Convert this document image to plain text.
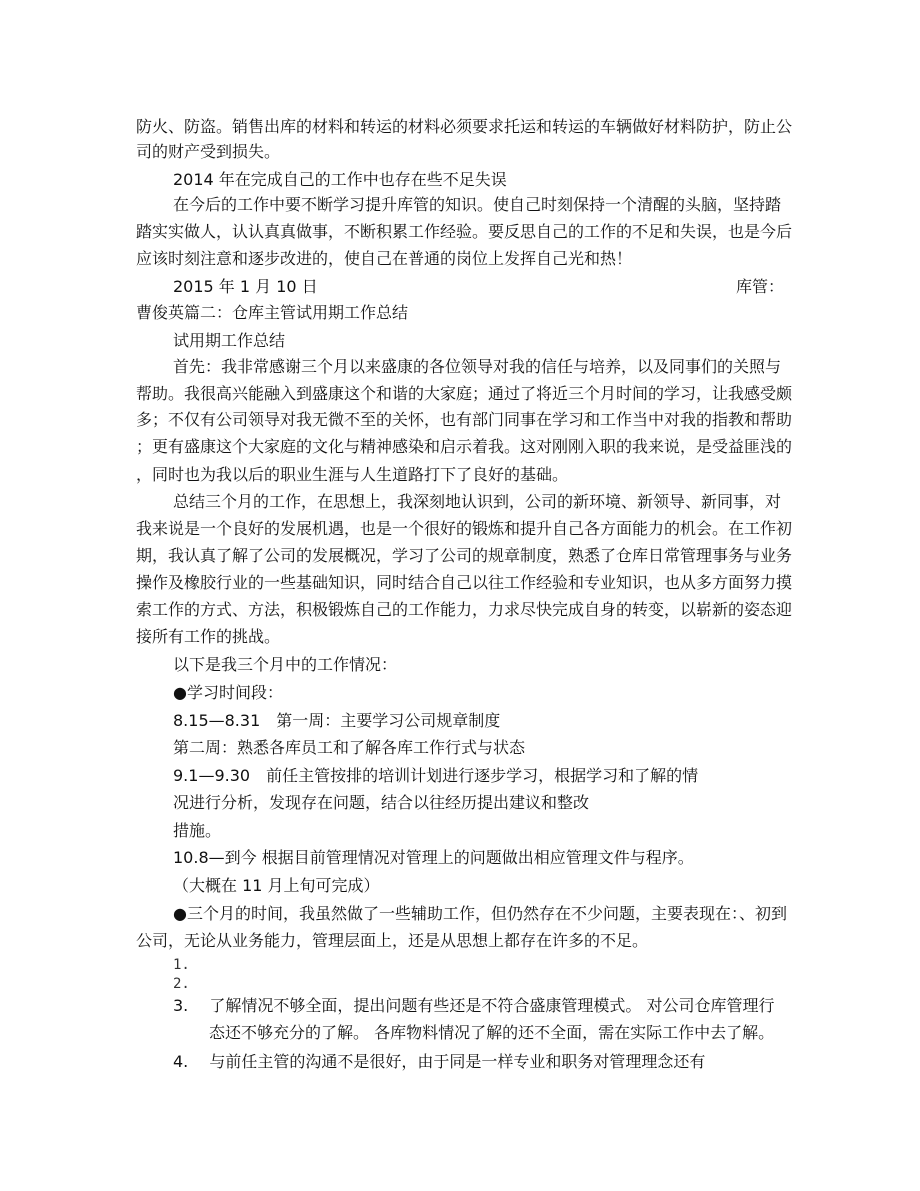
防火、防盗。销售出库的材料和转运的材料必须要求托运和转运的车辆做好材料防护，防止公
司的财产受到损失。
2014 年在完成自己的工作中也存在些不足失误
在今后的工作中要不断学习提升库管的知识。使自己时刻保持一个清醒的头脑，坚持踏
踏实实做人，认认真真做事，不断积累工作经验。要反思自己的工作的不足和失误，也是今后
应该时刻注意和逐步改进的，使自己在普通的岗位上发挥自己光和热！
2015 年 1 月 10 日	库管：
曹俊英篇二：仓库主管试用期工作总结
试用期工作总结
首先：我非常感谢三个月以来盛康的各位领导对我的信任与培养，以及同事们的关照与
帮助。我很高兴能融入到盛康这个和谐的大家庭；通过了将近三个月时间的学习，让我感受颇
多；不仅有公司领导对我无微不至的关怀，也有部门同事在学习和工作当中对我的指教和帮助
；更有盛康这个大家庭的文化与精神感染和启示着我。这对刚刚入职的我来说，是受益匪浅的
，同时也为我以后的职业生涯与人生道路打下了良好的基础。
总结三个月的工作，在思想上，我深刻地认识到，公司的新环境、新领导、新同事，对
我来说是一个良好的发展机遇，也是一个很好的锻炼和提升自己各方面能力的机会。在工作初
期，我认真了解了公司的发展概况，学习了公司的规章制度，熟悉了仓库日常管理事务与业务
操作及橡胶行业的一些基础知识，同时结合自己以往工作经验和专业知识，也从多方面努力摸
索工作的方式、方法，积极锻炼自己的工作能力，力求尽快完成自身的转变，以崭新的姿态迎
接所有工作的挑战。
以下是我三个月中的工作情况：
●学习时间段：
8.15—8.31　第一周：主要学习公司规章制度
第二周：熟悉各库员工和了解各库工作行式与状态
9.1—9.30　前任主管按排的培训计划进行逐步学习，根据学习和了解的情
况进行分析，发现存在问题，结合以往经历提出建议和整改
措施。
10.8—到今 根据目前管理情况对管理上的问题做出相应管理文件与程序。
（大概在 11 月上旬可完成）
●三个月的时间，我虽然做了一些辅助工作，但仍然存在不少问题，主要表现在：、初到
公司，无论从业务能力，管理层面上，还是从思想上都存在许多的不足。
1.
2.
3.　 了解情况不够全面，提出问题有些还是不符合盛康管理模式。 对公司仓库管理行
态还不够充分的了解。 各库物料情况了解的还不全面，需在实际工作中去了解。
4.　 与前任主管的沟通不是很好，由于同是一样专业和职务对管理理念还有
